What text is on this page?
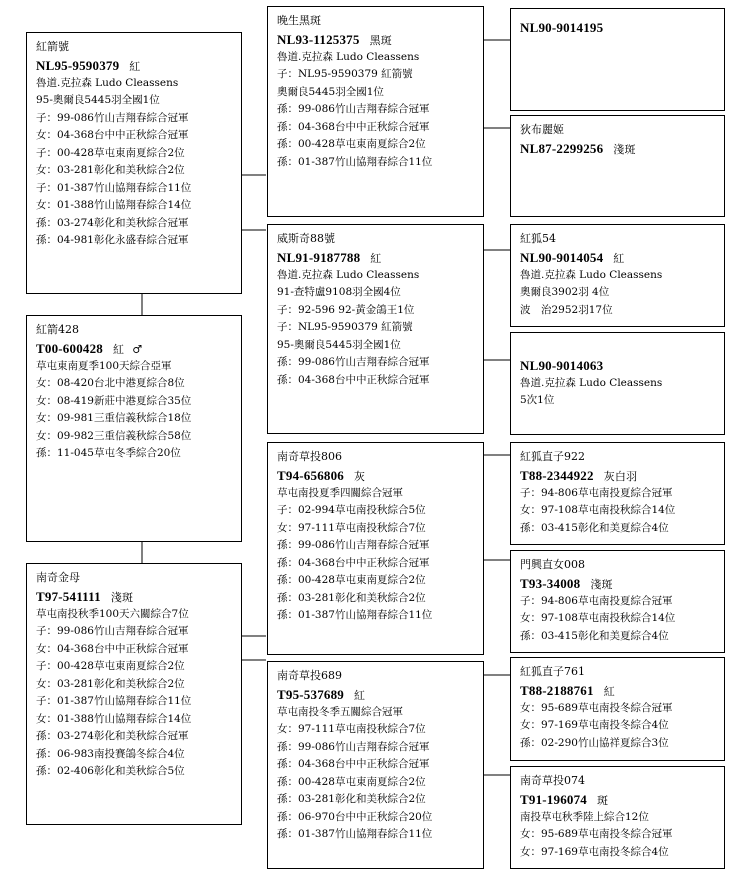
紅箭號
NL95-9590379 紅
魯道.克拉森 Ludo Cleassens
95-奧爾良5445羽全國1位
子：99-086竹山吉翔春綜合冠軍
女：04-368台中中正秋綜合冠軍
子：00-428草屯東南夏綜合2位
女：03-281彰化和美秋綜合2位
子：01-387竹山協翔春綜合11位
女：01-388竹山協翔春綜合14位
孫：03-274彰化和美秋綜合冠軍
孫：04-981彰化永盛春綜合冠軍
紅箭428
T00-600428 紅 ♂
草屯東南夏季100天綜合亞軍
女：08-420台北中港夏綜合8位
女：08-419新莊中港夏綜合35位
女：09-981三重信義秋綜合18位
女：09-982三重信義秋綜合58位
孫：11-045草屯冬季綜合20位
南奇金母
T97-541111 淺斑
草屯南投秋季100天六關綜合7位
子：99-086竹山吉翔春綜合冠軍
女：04-368台中中正秋綜合冠軍
子：00-428草屯東南夏綜合2位
女：03-281彰化和美秋綜合2位
子：01-387竹山協翔春綜合11位
女：01-388竹山協翔春綜合14位
孫：03-274彰化和美秋綜合冠軍
孫：06-983南投賽鴿冬綜合4位
孫：02-406彰化和美秋綜合5位
晚生黑斑
NL93-1125375 黑斑
魯道.克拉森 Ludo Cleassens
子：NL95-9590379 紅箭號
奧爾良5445羽全國1位
孫：99-086竹山吉翔春綜合冠軍
孫：04-368台中中正秋綜合冠軍
孫：00-428草屯東南夏綜合2位
孫：01-387竹山協翔春綜合11位
威斯奇88號
NL91-9187788 紅
魯道.克拉森 Ludo Cleassens
91-查特盧9108羽全國4位
子：92-596 92-黃金鴿王1位
子：NL95-9590379 紅箭號
95-奧爾良5445羽全國1位
孫：99-086竹山吉翔春綜合冠軍
孫：04-368台中中正秋綜合冠軍
南奇草投806
T94-656806 灰
草屯南投夏季四關綜合冠軍
子：02-994草屯南投秋綜合5位
女：97-111草屯南投秋綜合7位
孫：99-086竹山吉翔春綜合冠軍
孫：04-368台中中正秋綜合冠軍
孫：00-428草屯東南夏綜合2位
孫：03-281彰化和美秋綜合2位
孫：01-387竹山協翔春綜合11位
南奇草投689
T95-537689 紅
草屯南投冬季五關綜合冠軍
女：97-111草屯南投秋綜合7位
孫：99-086竹山吉翔春綜合冠軍
孫：04-368台中中正秋綜合冠軍
孫：00-428草屯東南夏綜合2位
孫：03-281彰化和美秋綜合2位
孫：06-970台中中正秋綜合20位
孫：01-387竹山協翔春綜合11位
NL90-9014195
狄布麗姬
NL87-2299256 淺斑
紅狐54
NL90-9014054 紅
魯道.克拉森 Ludo Cleassens
奧爾良3902羽 4位
波　治2952羽17位
NL90-9014063
魯道.克拉森 Ludo Cleassens
5次1位
紅狐直子922
T88-2344922 灰白羽
子：94-806草屯南投夏綜合冠軍
女：97-108草屯南投秋綜合14位
孫：03-415彰化和美夏綜合4位
門興直女008
T93-34008 淺斑
子：94-806草屯南投夏綜合冠軍
女：97-108草屯南投秋綜合14位
孫：03-415彰化和美夏綜合4位
紅狐直子761
T88-2188761 紅
女：95-689草屯南投冬綜合冠軍
女：97-169草屯南投冬綜合4位
孫：02-290竹山協祥夏綜合3位
南奇草投074
T91-196074 斑
南投草屯秋季陸上綜合12位
女：95-689草屯南投冬綜合冠軍
女：97-169草屯南投冬綜合4位
